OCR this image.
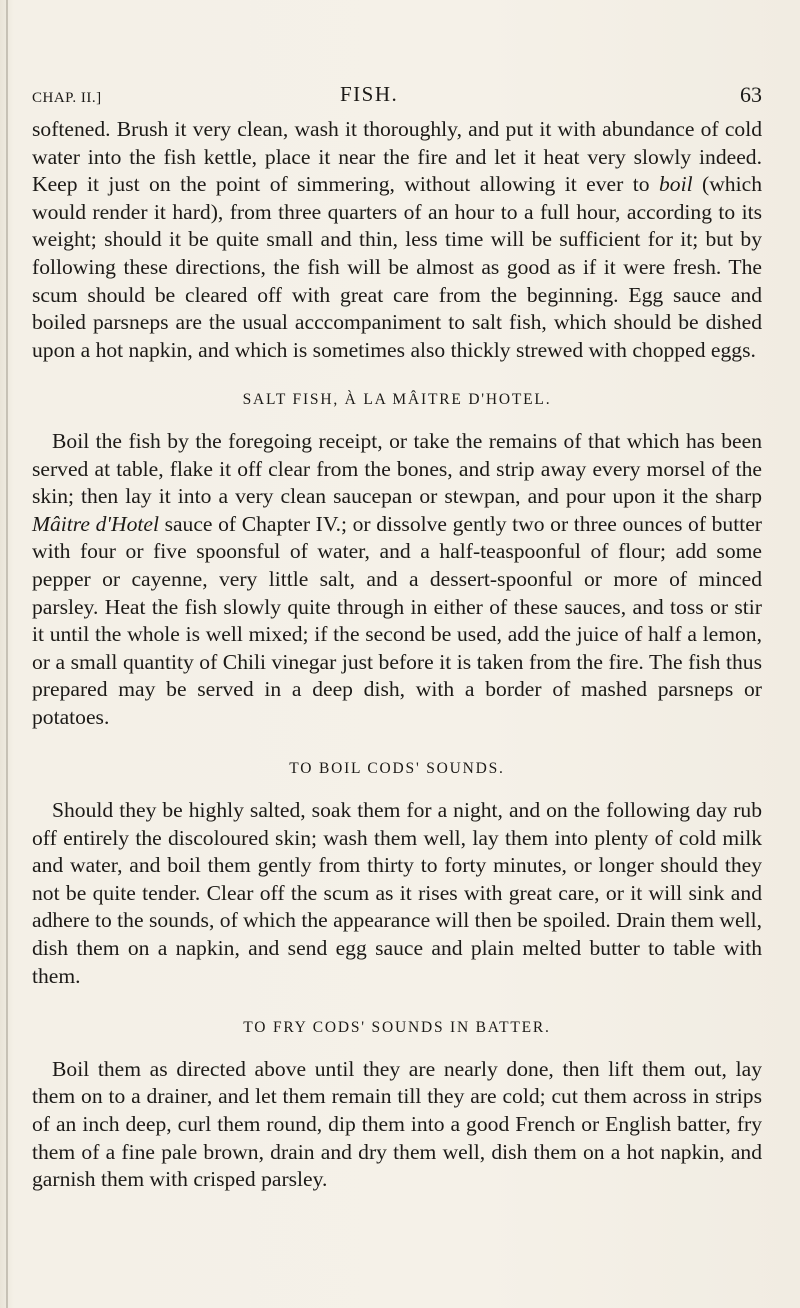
CHAP. II.]	FISH.	63

softened. Brush it very clean, wash it thoroughly, and put it with abundance of cold water into the fish kettle, place it near the fire and let it heat very slowly indeed. Keep it just on the point of simmering, without allowing it ever to boil (which would render it hard), from three quarters of an hour to a full hour, according to its weight; should it be quite small and thin, less time will be sufficient for it; but by following these directions, the fish will be almost as good as if it were fresh. The scum should be cleared off with great care from the beginning. Egg sauce and boiled parsneps are the usual acccompaniment to salt fish, which should be dished upon a hot napkin, and which is sometimes also thickly strewed with chopped eggs.

SALT FISH, À LA MÂITRE D'HOTEL.

Boil the fish by the foregoing receipt, or take the remains of that which has been served at table, flake it off clear from the bones, and strip away every morsel of the skin; then lay it into a very clean saucepan or stewpan, and pour upon it the sharp Mâitre d'Hotel sauce of Chapter IV.; or dissolve gently two or three ounces of butter with four or five spoonsful of water, and a half-teaspoonful of flour; add some pepper or cayenne, very little salt, and a dessert-spoonful or more of minced parsley. Heat the fish slowly quite through in either of these sauces, and toss or stir it until the whole is well mixed; if the second be used, add the juice of half a lemon, or a small quantity of Chili vinegar just before it is taken from the fire. The fish thus prepared may be served in a deep dish, with a border of mashed parsneps or potatoes.

TO BOIL CODS' SOUNDS.

Should they be highly salted, soak them for a night, and on the following day rub off entirely the discoloured skin; wash them well, lay them into plenty of cold milk and water, and boil them gently from thirty to forty minutes, or longer should they not be quite tender. Clear off the scum as it rises with great care, or it will sink and adhere to the sounds, of which the appearance will then be spoiled. Drain them well, dish them on a napkin, and send egg sauce and plain melted butter to table with them.

TO FRY CODS' SOUNDS IN BATTER.

Boil them as directed above until they are nearly done, then lift them out, lay them on to a drainer, and let them remain till they are cold; cut them across in strips of an inch deep, curl them round, dip them into a good French or English batter, fry them of a fine pale brown, drain and dry them well, dish them on a hot napkin, and garnish them with crisped parsley.
